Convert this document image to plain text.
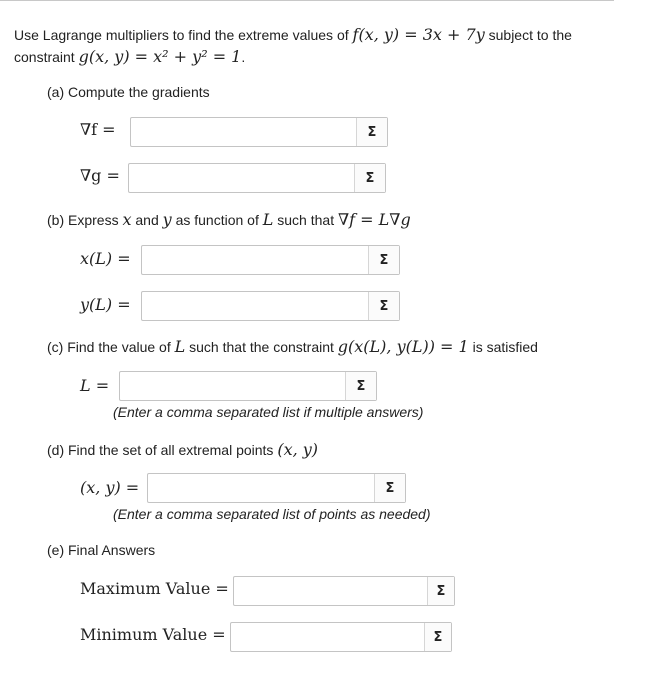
Use Lagrange multipliers to find the extreme values of f(x, y) = 3x + 7y subject to the constraint g(x, y) = x² + y² = 1.
(a) Compute the gradients
∇f =	Σ
∇g =	Σ
(b) Express x and y as function of L such that ∇f = L∇g
x(L) =	Σ
y(L) =	Σ
(c) Find the value of L such that the constraint g(x(L), y(L)) = 1 is satisfied
L =	Σ
(Enter a comma separated list if multiple answers)
(d) Find the set of all extremal points (x, y)
(x, y) =	Σ
(Enter a comma separated list of points as needed)
(e) Final Answers
Maximum Value =	Σ
Minimum Value =	Σ
